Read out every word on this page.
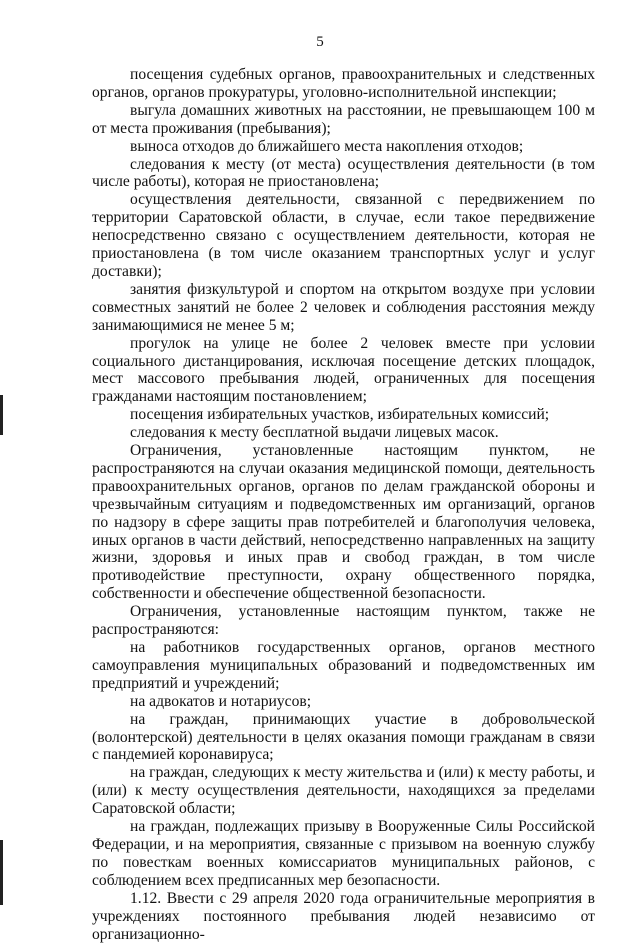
5

посещения судебных органов, правоохранительных и следственных органов, органов прокуратуры, уголовно-исполнительной инспекции;

выгула домашних животных на расстоянии, не превышающем 100 м от места проживания (пребывания);

выноса отходов до ближайшего места накопления отходов;

следования к месту (от места) осуществления деятельности (в том числе работы), которая не приостановлена;

осуществления деятельности, связанной с передвижением по территории Саратовской области, в случае, если такое передвижение непосредственно связано с осуществлением деятельности, которая не приостановлена (в том числе оказанием транспортных услуг и услуг доставки);

занятия физкультурой и спортом на открытом воздухе при условии совместных занятий не более 2 человек и соблюдения расстояния между занимающимися не менее 5 м;

прогулок на улице не более 2 человек вместе при условии социального дистанцирования, исключая посещение детских площадок, мест массового пребывания людей, ограниченных для посещения гражданами настоящим постановлением;

посещения избирательных участков, избирательных комиссий;

следования к месту бесплатной выдачи лицевых масок.

Ограничения, установленные настоящим пунктом, не распространяются на случаи оказания медицинской помощи, деятельность правоохранительных органов, органов по делам гражданской обороны и чрезвычайным ситуациям и подведомственных им организаций, органов по надзору в сфере защиты прав потребителей и благополучия человека, иных органов в части действий, непосредственно направленных на защиту жизни, здоровья и иных прав и свобод граждан, в том числе противодействие преступности, охрану общественного порядка, собственности и обеспечение общественной безопасности.

Ограничения, установленные настоящим пунктом, также не распространяются:

на работников государственных органов, органов местного самоуправления муниципальных образований и подведомственных им предприятий и учреждений;

на адвокатов и нотариусов;

на граждан, принимающих участие в добровольческой (волонтерской) деятельности в целях оказания помощи гражданам в связи с пандемией коронавируса;

на граждан, следующих к месту жительства и (или) к месту работы, и (или) к месту осуществления деятельности, находящихся за пределами Саратовской области;

на граждан, подлежащих призыву в Вооруженные Силы Российской Федерации, и на мероприятия, связанные с призывом на военную службу по повесткам военных комиссариатов муниципальных районов, с соблюдением всех предписанных мер безопасности.

1.12. Ввести с 29 апреля 2020 года ограничительные мероприятия в учреждениях постоянного пребывания людей независимо от организационно-
